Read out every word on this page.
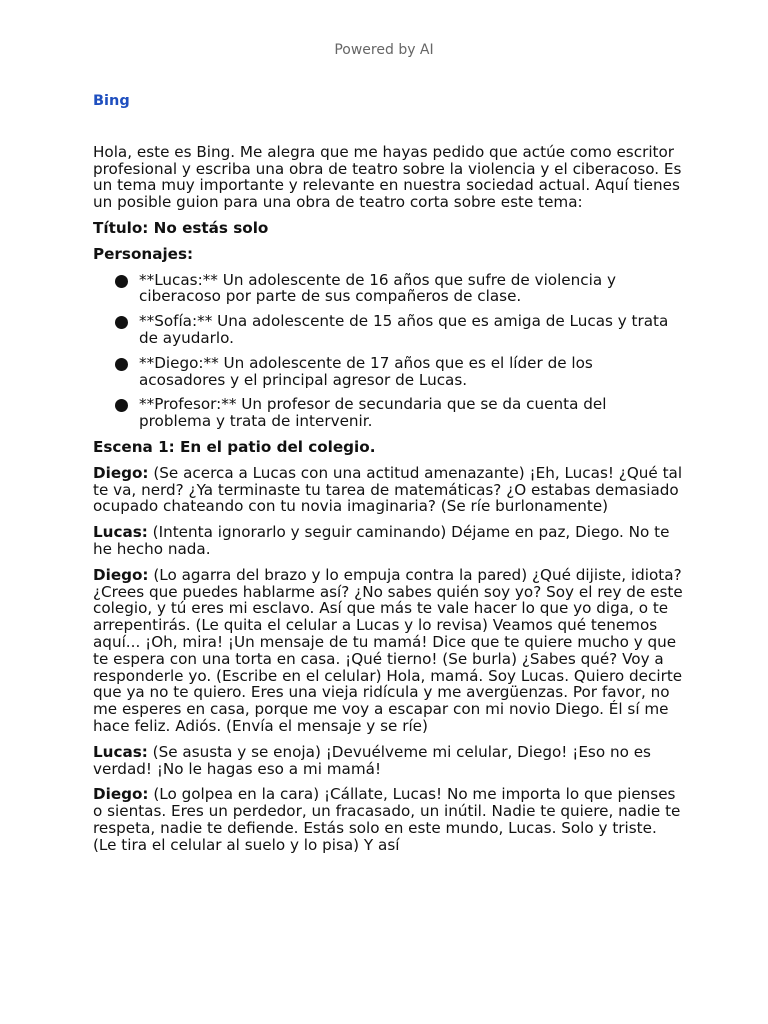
Powered by AI
Bing

Hola, este es Bing. Me alegra que me hayas pedido que actúe como escritor profesional y escriba una obra de teatro sobre la violencia y el ciberacoso. Es un tema muy importante y relevante en nuestra sociedad actual. Aquí tienes un posible guion para una obra de teatro corta sobre este tema:

Título: No estás solo

Personajes:

**Lucas:** Un adolescente de 16 años que sufre de violencia y ciberacoso por parte de sus compañeros de clase.
**Sofía:** Una adolescente de 15 años que es amiga de Lucas y trata de ayudarlo.
**Diego:** Un adolescente de 17 años que es el líder de los acosadores y el principal agresor de Lucas.
**Profesor:** Un profesor de secundaria que se da cuenta del problema y trata de intervenir.

Escena 1: En el patio del colegio.

Diego: (Se acerca a Lucas con una actitud amenazante) ¡Eh, Lucas! ¿Qué tal te va, nerd? ¿Ya terminaste tu tarea de matemáticas? ¿O estabas demasiado ocupado chateando con tu novia imaginaria? (Se ríe burlonamente)

Lucas: (Intenta ignorarlo y seguir caminando) Déjame en paz, Diego. No te he hecho nada.

Diego: (Lo agarra del brazo y lo empuja contra la pared) ¿Qué dijiste, idiota? ¿Crees que puedes hablarme así? ¿No sabes quién soy yo? Soy el rey de este colegio, y tú eres mi esclavo. Así que más te vale hacer lo que yo diga, o te arrepentirás. (Le quita el celular a Lucas y lo revisa) Veamos qué tenemos aquí... ¡Oh, mira! ¡Un mensaje de tu mamá! Dice que te quiere mucho y que te espera con una torta en casa. ¡Qué tierno! (Se burla) ¿Sabes qué? Voy a responderle yo. (Escribe en el celular) Hola, mamá. Soy Lucas. Quiero decirte que ya no te quiero. Eres una vieja ridícula y me avergüenzas. Por favor, no me esperes en casa, porque me voy a escapar con mi novio Diego. Él sí me hace feliz. Adiós. (Envía el mensaje y se ríe)

Lucas: (Se asusta y se enoja) ¡Devuélveme mi celular, Diego! ¡Eso no es verdad! ¡No le hagas eso a mi mamá!

Diego: (Lo golpea en la cara) ¡Cállate, Lucas! No me importa lo que pienses o sientas. Eres un perdedor, un fracasado, un inútil. Nadie te quiere, nadie te respeta, nadie te defiende. Estás solo en este mundo, Lucas. Solo y triste. (Le tira el celular al suelo y lo pisa) Y así
